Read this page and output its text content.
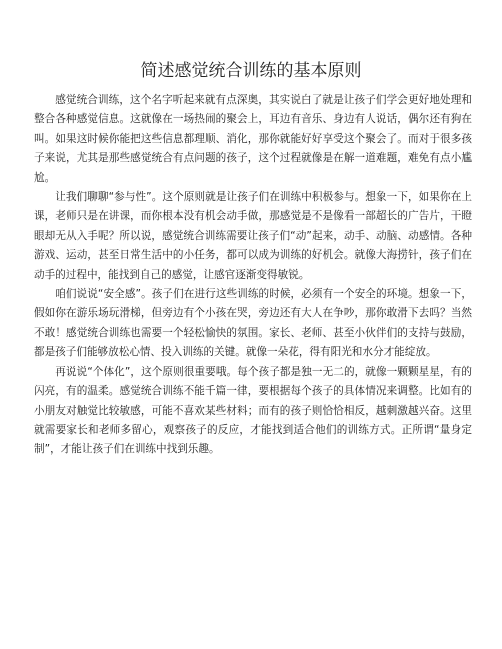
简述感觉统合训练的基本原则

感觉统合训练，这个名字听起来就有点深奥，其实说白了就是让孩子们学会更好地处理和整合各种感觉信息。这就像在一场热闹的聚会上，耳边有音乐、身边有人说话，偶尔还有狗在叫。如果这时候你能把这些信息都理顺、消化，那你就能好好享受这个聚会了。而对于很多孩子来说，尤其是那些感觉统合有点问题的孩子，这个过程就像是在解一道难题，难免有点小尴尬。

让我们聊聊“参与性”。这个原则就是让孩子们在训练中积极参与。想象一下，如果你在上课，老师只是在讲课，而你根本没有机会动手做，那感觉是不是像看一部超长的广告片，干瞪眼却无从入手呢？所以说，感觉统合训练需要让孩子们“动”起来，动手、动脑、动感情。各种游戏、运动，甚至日常生活中的小任务，都可以成为训练的好机会。就像大海捞针，孩子们在动手的过程中，能找到自己的感觉，让感官逐渐变得敏锐。

咱们说说“安全感”。孩子们在进行这些训练的时候，必须有一个安全的环境。想象一下，假如你在游乐场玩滑梯，但旁边有个小孩在哭，旁边还有大人在争吵，那你敢滑下去吗？当然不敢！感觉统合训练也需要一个轻松愉快的氛围。家长、老师、甚至小伙伴们的支持与鼓励，都是孩子们能够放松心情、投入训练的关键。就像一朵花，得有阳光和水分才能绽放。

再说说“个体化”，这个原则很重要哦。每个孩子都是独一无二的，就像一颗颗星星，有的闪亮，有的温柔。感觉统合训练不能千篇一律，要根据每个孩子的具体情况来调整。比如有的小朋友对触觉比较敏感，可能不喜欢某些材料；而有的孩子则恰恰相反，越刺激越兴奋。这里就需要家长和老师多留心，观察孩子的反应，才能找到适合他们的训练方式。正所谓“量身定制”，才能让孩子们在训练中找到乐趣。
